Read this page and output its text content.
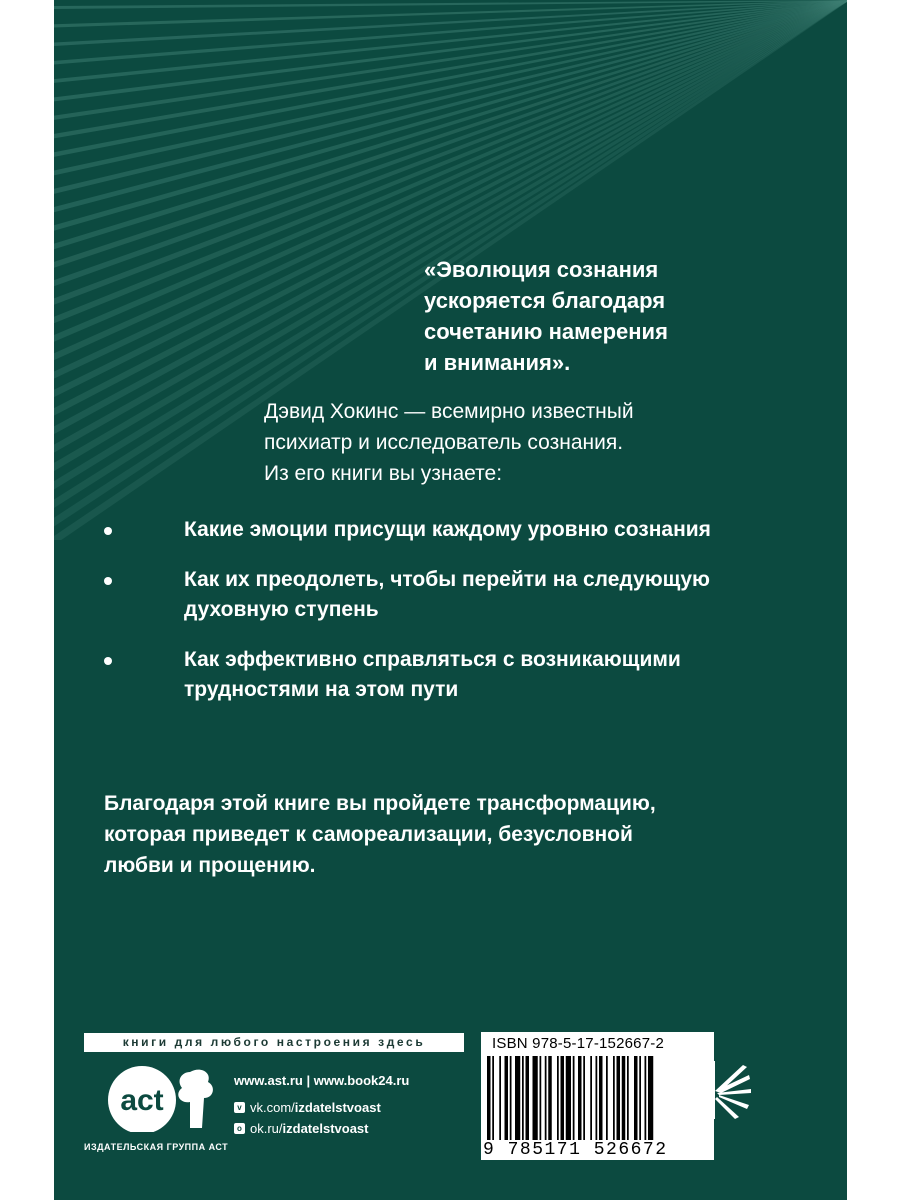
«Эволюция сознания
ускоряется благодаря
сочетанию намерения
и внимания».

Дэвид Хокинс — всемирно известный
психиатр и исследователь сознания.
Из его книги вы узнаете:

Какие эмоции присущи каждому уровню сознания
Как их преодолеть, чтобы перейти на следующую
духовную ступень
Как эффективно справляться с возникающими
трудностями на этом пути

Благодаря этой книге вы пройдете трансформацию,
которая приведет к самореализации, безусловной
любви и прощению.

книги для любого настроения здесь
act
ИЗДАТЕЛЬСКАЯ ГРУППА АСТ
www.ast.ru | www.book24.ru
v vk.com/ izdatelstvoast
o ok.ru/ izdatelstvoast
ISBN 978-5-17-152667-2
9 785171 526672
